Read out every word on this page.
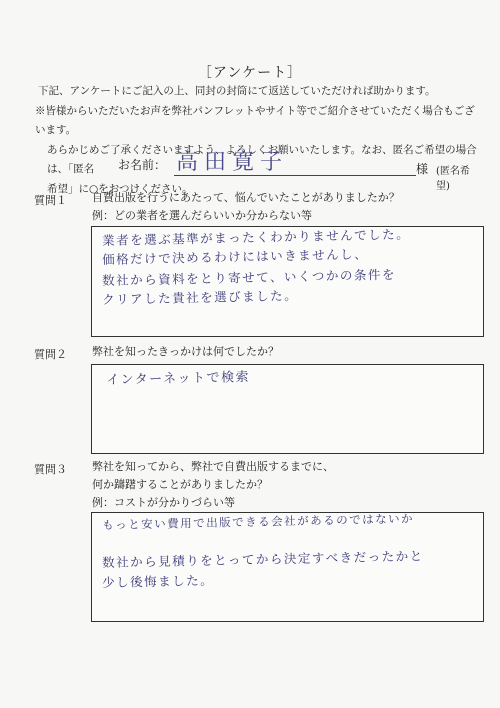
［アンケート］

下記、アンケートにご記入の上、同封の封筒にて返送していただければ助かります。

※皆様からいただいたお声を弊社パンフレットやサイト等でご紹介させていただく場合もございます。

あらかじめご了承くださいますよう、よろしくお願いいたします。なお、匿名ご希望の場合は、「匿名

希望」に○をおつけください。

お名前： 高田寛子	様 (匿名希望)
質問１ 自費出版を行うにあたって、悩んでいたことがありましたか？
例：どの業者を選んだらいいか分からない等
業者を選ぶ基準がまったくわかりませんでした。
価格だけで決めるわけにはいきませんし、
数社から資料をとり寄せて、いくつかの条件を
クリアした貴社を選びました。
質問２ 弊社を知ったきっかけは何でしたか？
インターネットで検索
質問３ 弊社を知ってから、弊社で自費出版するまでに、
何か躊躇することがありましたか？
例：コストが分かりづらい等
もっと安い費用で出版できる会社があるのではないか
数社から見積りをとってから決定すべきだったかと
少し後悔ました。
